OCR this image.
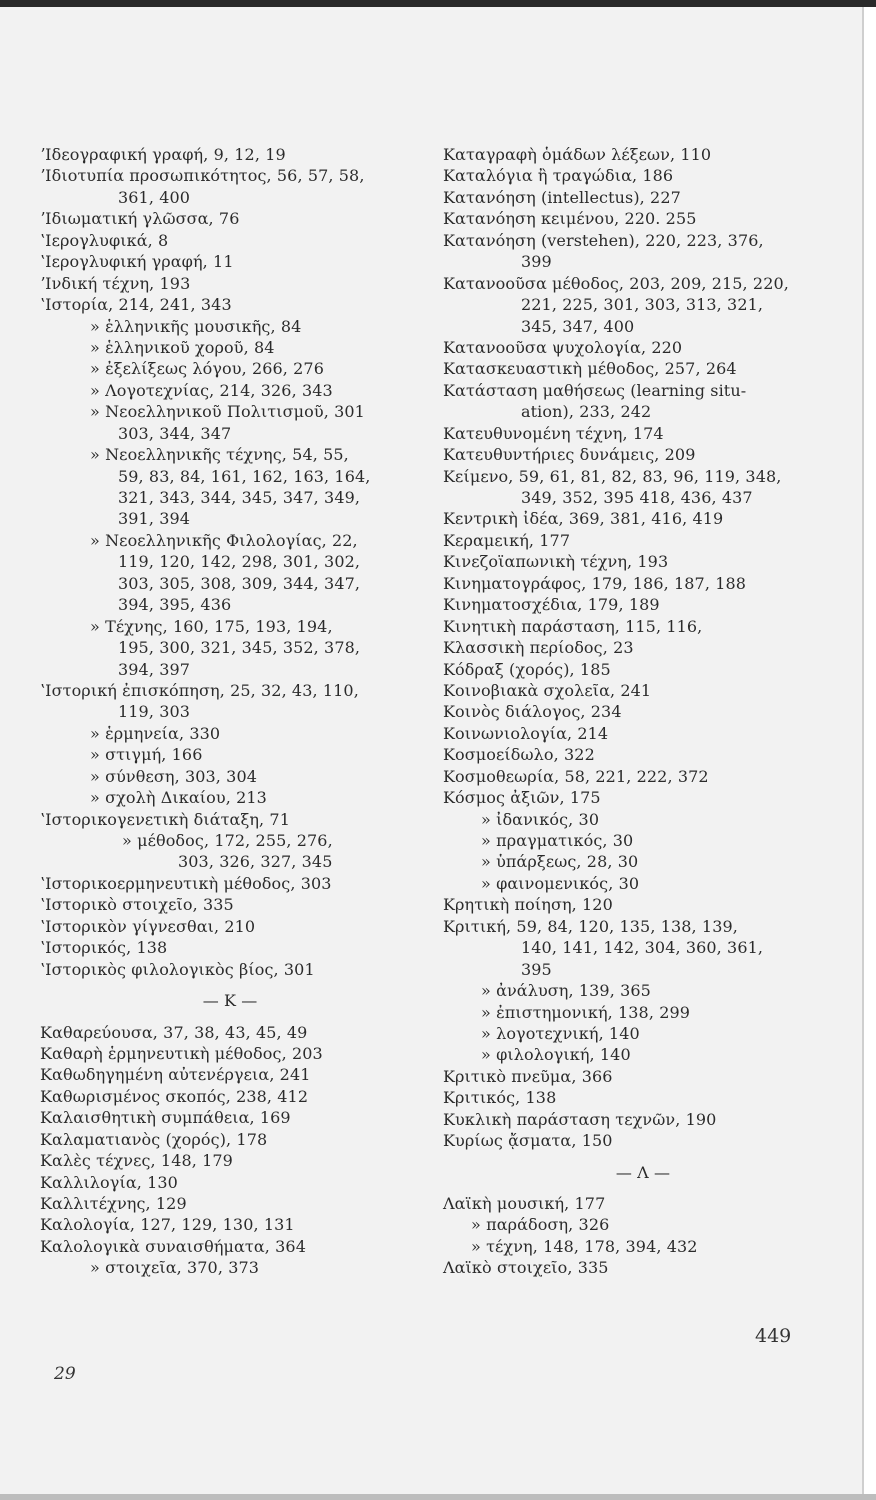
ʼΙδεογραφική γραφή, 9, 12, 19
ʼΙδιοτυπία προσωπικότητος, 56, 57, 58,
361, 400
ʼΙδιωματική γλῶσσα, 76
ʽΙερογλυφικά, 8
ʽΙερογλυφική γραφή, 11
ʼΙνδική τέχνη, 193
ʽΙστορία, 214, 241, 343
» ἑλληνικῆς μουσικῆς, 84
» ἑλληνικοῦ χοροῦ, 84
» ἐξελίξεως λόγου, 266, 276
» Λογοτεχνίας, 214, 326, 343
» Νεοελληνικοῦ Πολιτισμοῦ, 301
303, 344, 347
» Νεοελληνικῆς τέχνης, 54, 55,
59, 83, 84, 161, 162, 163, 164,
321, 343, 344, 345, 347, 349,
391, 394
» Νεοελληνικῆς Φιλολογίας, 22,
119, 120, 142, 298, 301, 302,
303, 305, 308, 309, 344, 347,
394, 395, 436
» Τέχνης, 160, 175, 193, 194,
195, 300, 321, 345, 352, 378,
394, 397
ʽΙστορική ἐπισκόπηση, 25, 32, 43, 110,
119, 303
» ἑρμηνεία, 330
» στιγμή, 166
» σύνθεση, 303, 304
» σχολὴ Δικαίου, 213
ʽΙστορικογενετικὴ διάταξη, 71
» μέθοδος, 172, 255, 276,
303, 326, 327, 345
ʽΙστορικοερμηνευτικὴ μέθοδος, 303
ʽΙστορικὸ στοιχεῖο, 335
ʽΙστορικὸν γίγνεσθαι, 210
ʽΙστορικός, 138
ʽΙστορικὸς φιλολογικὸς βίος, 301
— Κ —
Καθαρεύουσα, 37, 38, 43, 45, 49
Καθαρὴ ἑρμηνευτικὴ μέθοδος, 203
Καθωδηγημένη αὐτενέργεια, 241
Καθωρισμένος σκοπός, 238, 412
Καλαισθητικὴ συμπάθεια, 169
Καλαματιανὸς (χορός), 178
Καλὲς τέχνες, 148, 179
Καλλιλογία, 130
Καλλιτέχνης, 129
Καλολογία, 127, 129, 130, 131
Καλολογικὰ συναισθήματα, 364
» στοιχεῖα, 370, 373
Καταγραφὴ ὁμάδων λέξεων, 110
Καταλόγια ἢ τραγώδια, 186
Κατανόηση (intellectus), 227
Κατανόηση κειμένου, 220. 255
Κατανόηση (verstehen), 220, 223, 376,
399
Κατανοοῦσα μέθοδος, 203, 209, 215, 220,
221, 225, 301, 303, 313, 321,
345, 347, 400
Κατανοοῦσα ψυχολογία, 220
Κατασκευαστικὴ μέθοδος, 257, 264
Κατάσταση μαθήσεως (learning situ-
ation), 233, 242
Κατευθυνομένη τέχνη, 174
Κατευθυντήριες δυνάμεις, 209
Κείμενο, 59, 61, 81, 82, 83, 96, 119, 348,
349, 352, 395 418, 436, 437
Κεντρικὴ ἰδέα, 369, 381, 416, 419
Κεραμεική, 177
Κινεζοϊαπωνικὴ τέχνη, 193
Κινηματογράφος, 179, 186, 187, 188
Κινηματοσχέδια, 179, 189
Κινητικὴ παράσταση, 115, 116,
Κλασσικὴ περίοδος, 23
Κόδραξ (χορός), 185
Κοινοβιακὰ σχολεῖα, 241
Κοινὸς διάλογος, 234
Κοινωνιολογία, 214
Κοσμοείδωλο, 322
Κοσμοθεωρία, 58, 221, 222, 372
Κόσμος ἀξιῶν, 175
» ἰδανικός, 30
» πραγματικός, 30
» ὑπάρξεως, 28, 30
» φαινομενικός, 30
Κρητικὴ ποίηση, 120
Κριτική, 59, 84, 120, 135, 138, 139,
140, 141, 142, 304, 360, 361,
395
» ἀνάλυση, 139, 365
» ἐπιστημονική, 138, 299
» λογοτεχνική, 140
» φιλολογική, 140
Κριτικὸ πνεῦμα, 366
Κριτικός, 138
Κυκλικὴ παράσταση τεχνῶν, 190
Κυρίως ᾄσματα, 150
— Λ —
Λαϊκὴ μουσική, 177
» παράδοση, 326
» τέχνη, 148, 178, 394, 432
Λαϊκὸ στοιχεῖο, 335
449
29
